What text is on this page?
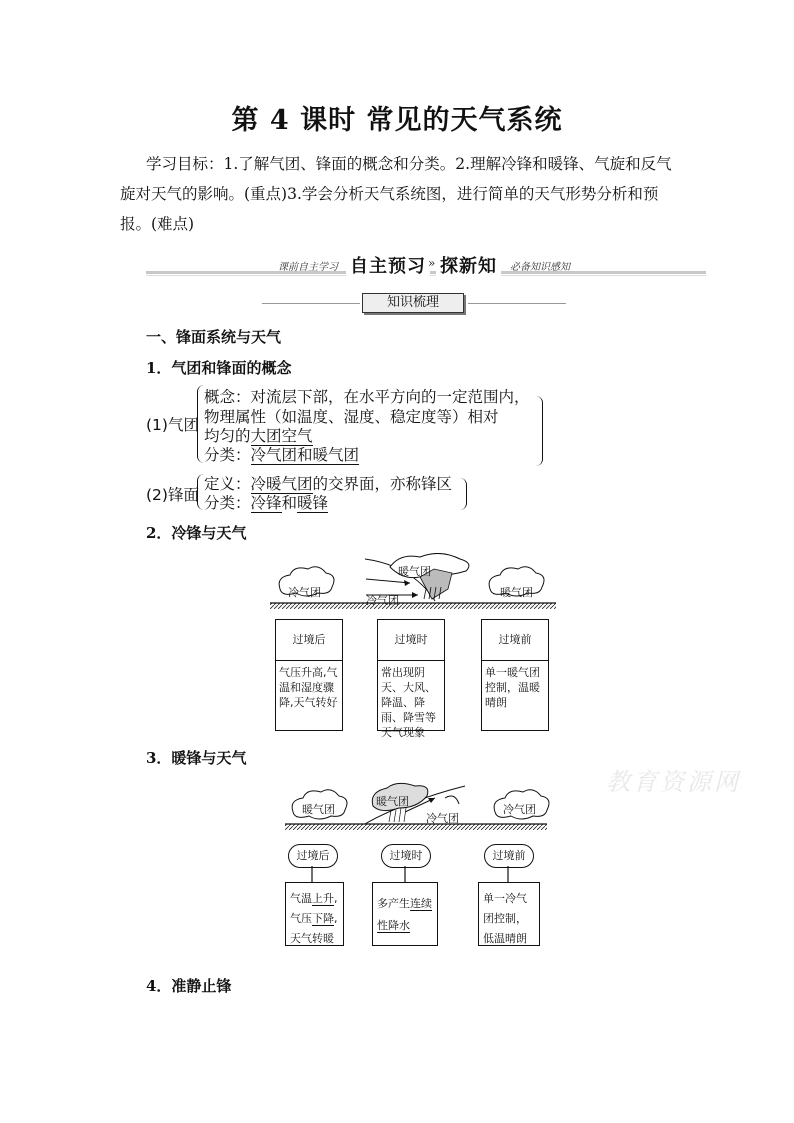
第 4 课时 常见的天气系统
学习目标：1.了解气团、锋面的概念和分类。2.理解冷锋和暖锋、气旋和反气旋对天气的影响。(重点)3.学会分析天气系统图，进行简单的天气形势分析和预报。(难点)
课前自主学习 自主预习 » 探新知	必备知识感知
知识梳理
一、锋面系统与天气
1．气团和锋面的概念
(1)气团
概念：对流层下部，在水平方向的一定范围内，
物理属性（如温度、湿度、稳定度等）相对
均匀的大团空气
分类：冷气团和暖气团
(2)锋面
定义：冷暖气团的交界面，亦称锋区
分类：冷锋和暖锋
2．冷锋与天气
冷气团
暖气团
冷气团
暖气团
过境后
气压升高,气温和湿度骤降,天气转好
过境时
常出现阴天、大风、降温、降雨、降雪等天气现象
过境前
单一暖气团控制，温暖晴朗
3．暖锋与天气
教育资源网
暖气团
暖气团
冷气团
冷气团
过境后	过境时	过境前
气温上升,
气压下降,
天气转暖
多产生连续性降水
单一冷气团控制，低温晴朗
4．准静止锋
